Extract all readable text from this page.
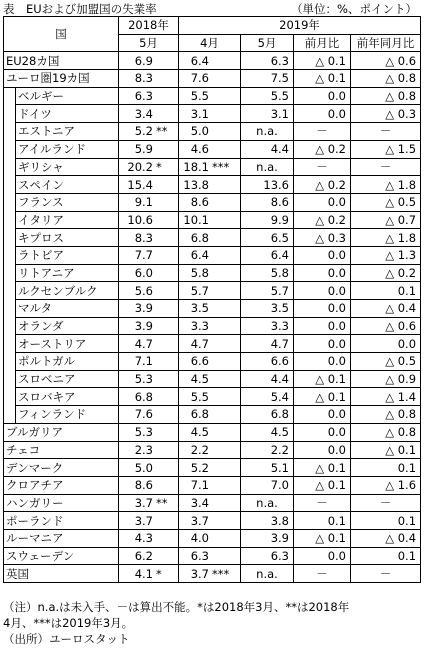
表　EUおよび加盟国の失業率	（単位：%、ポイント）
国		2018年	2019年			
		5月	4月	5月	前月比	前年同月比
EU28カ国		6.9	6.4	6.3	△ 0.1	△ 0.6
ユーロ圏19カ国		8.3	7.6	7.5	△ 0.1	△ 0.8
	ベルギー	6.3	5.5	5.5	0.0	△ 0.8
	ドイツ	3.4	3.1	3.1	0.0	△ 0.3
	エストニア	5.2 **	5.0	n.a.	－	－
	アイルランド	5.9	4.6	4.4	△ 0.2	△ 1.5
	ギリシャ	20.2 *	18.1 ***	n.a.	－	－
	スペイン	15.4	13.8	13.6	△ 0.2	△ 1.8
	フランス	9.1	8.6	8.6	0.0	△ 0.5
	イタリア	10.6	10.1	9.9	△ 0.2	△ 0.7
	キプロス	8.3	6.8	6.5	△ 0.3	△ 1.8
	ラトビア	7.7	6.4	6.4	0.0	△ 1.3
	リトアニア	6.0	5.8	5.8	0.0	△ 0.2
	ルクセンブルク	5.6	5.7	5.7	0.0	0.1
	マルタ	3.9	3.5	3.5	0.0	△ 0.4
	オランダ	3.9	3.3	3.3	0.0	△ 0.6
	オーストリア	4.7	4.7	4.7	0.0	0.0
	ポルトガル	7.1	6.6	6.6	0.0	△ 0.5
	スロベニア	5.3	4.5	4.4	△ 0.1	△ 0.9
	スロバキア	6.8	5.5	5.4	△ 0.1	△ 1.4
	フィンランド	7.6	6.8	6.8	0.0	△ 0.8
ブルガリア		5.3	4.5	4.5	0.0	△ 0.8
チェコ		2.3	2.2	2.2	0.0	△ 0.1
デンマーク		5.0	5.2	5.1	△ 0.1	0.1
クロアチア		8.6	7.1	7.0	△ 0.1	△ 1.6
ハンガリー		3.7 **	3.4	n.a.	－	－
ポーランド		3.7	3.7	3.8	0.1	0.1
ルーマニア		4.3	4.0	3.9	△ 0.1	△ 0.4
スウェーデン		6.2	6.3	6.3	0.0	0.1
英国		4.1 *	3.7 ***	n.a.	－	－
（注）n.a.は未入手、－は算出不能。*は2018年3月、**は2018年
4月、***は2019年3月。
（出所）ユーロスタット
